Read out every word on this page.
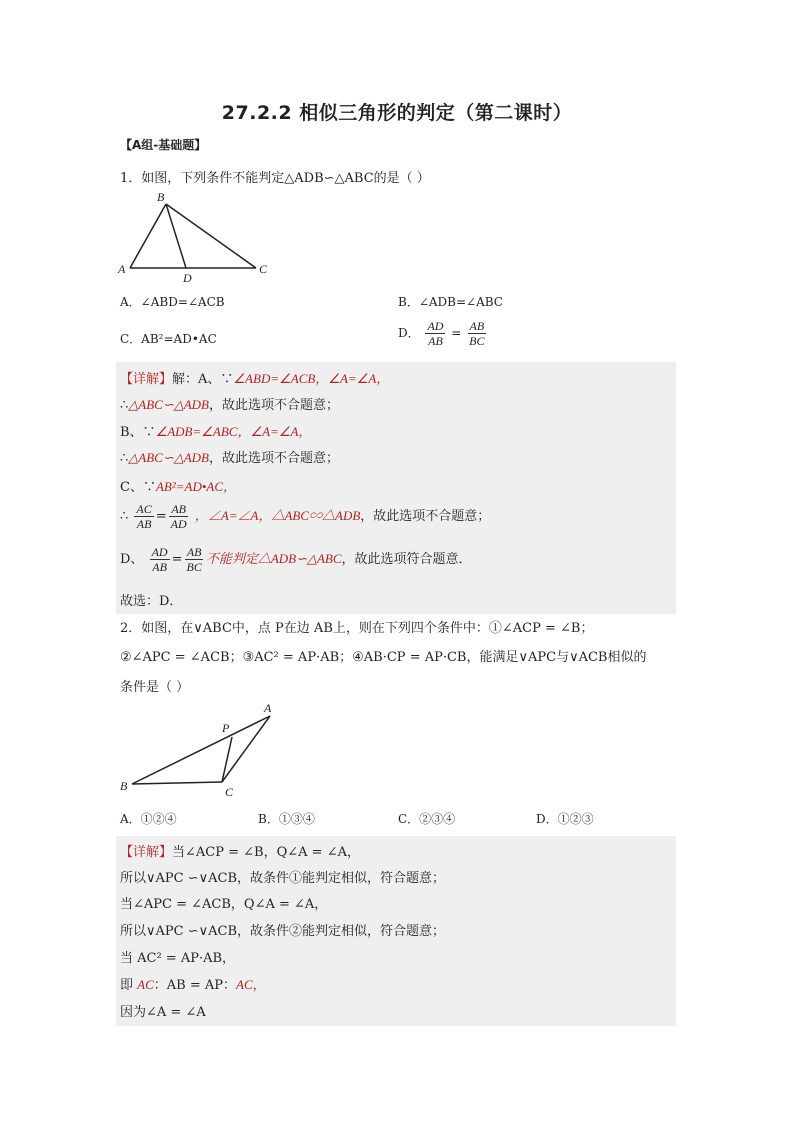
27.2.2 相似三角形的判定（第二课时）
【A组-基础题】
1．如图，下列条件不能判定△ADB∽△ABC的是（ ）
B
A
D
C
A．∠ABD=∠ACB	B．∠ADB=∠ABC
C．AB²=AD•AC	D． $\frac{AD}{AB} = \frac{AB}{BC}$
【详解】解：A、∵∠ABD=∠ACB，∠A=∠A，
∴△ABC∽△ADB，故此选项不合题意；
B、∵∠ADB=∠ABC，∠A=∠A，
∴△ABC∽△ADB，故此选项不合题意；
C、∵AB²=AD•AC，
∴ $\frac{AC}{AB} = \frac{AB}{AD}$ ，∠A=∠A，△ABC∽△ADB，故此选项不合题意；
D、 $\frac{AD}{AB} = \frac{AB}{BC}$ 不能判定△ADB∽△ABC，故此选项符合题意．
故选：D．
2．如图，在∨ABC中，点 P在边 AB上，则在下列四个条件中：①∠ACP = ∠B；
②∠APC = ∠ACB；③AC² = AP·AB；④AB·CP = AP·CB，能满足∨APC与∨ACB相似的
条件是（ ）
A
P
B	C
A．①②④	B．①③④	C．②③④	D．①②③
【详解】当∠ACP = ∠B，Q∠A = ∠A，
所以∨APC ∽∨ACB，故条件①能判定相似，符合题意；
当∠APC = ∠ACB，Q∠A = ∠A，
所以∨APC ∽∨ACB，故条件②能判定相似，符合题意；
当 AC² = AP·AB，
即 AC：AB = AP：AC，
因为∠A = ∠A
